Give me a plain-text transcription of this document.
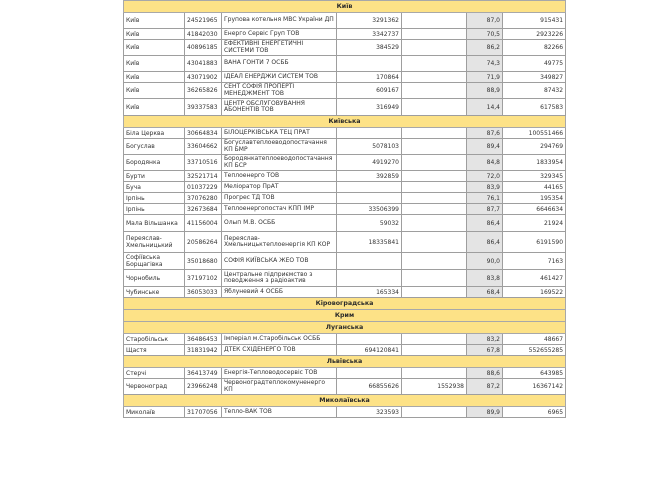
Київ						
Київ	24521965	Групова котельня МВС України ДП	3291362		87,0	915431
Київ	41842030	Енерго Сервіс Груп ТОВ	3342737		70,5	2923226
Київ	40896185	ЕФЕКТИВНІ ЕНЕРГЕТИЧНІ СИСТЕМИ ТОВ	384529		86,2	82266
Київ	43041883	ВАНА ГОНТИ 7 ОСББ			74,3	49775
Київ	43071902	ІДЕАЛ ЕНЕРДЖИ СИСТЕМ ТОВ	170864		71,9	349827
Київ	36265826	СЕНТ СОФІЯ ПРОПЕРТІ МЕНЕДЖМЕНТ ТОВ	609167		88,9	87432
Київ	39337583	ЦЕНТР ОБСЛУГОВУВАННЯ АБОНЕНТІВ ТОВ	316949		14,4	617583
Київська						
Біла Церква	30664834	БІЛОЦЕРКІВСЬКА ТЕЦ ПРАТ			87,6	100551466
Богуслав	33604662	Богуславтеплоеводопостачання КП БМР	5078103		89,4	294769
Бородянка	33710516	Бородянкатеплоеводопостачання КП БСР	4919270		84,8	1833954
Бурти	32521714	Теплоенерго ТОВ	392859		72,0	329345
Буча	01037229	Меліоратор ПрАТ			83,9	44165
Ірпінь	37076280	Прогрес ТД ТОВ			76,1	195354
Ірпінь	32673684	Теплоенергопостач КПП ІМР	33506399		87,7	6646634
Мала Вільшанка	41156004	Олып М.В. ОСББ	59032		86,4	21924
Переяслав-Хмельницький	20586264	Переяслав-Хмельницьктеплоенергія КП КОР	18335841		86,4	6191590
Софіївська Борщагівка	35018680	СОФІЯ КИЇВСЬКА ЖЕО ТОВ			90,0	7163
Чорнобиль	37197102	Центральне підприємство з поводження з радіоактив			83,8	461427
Чубинське	36053033	Яблуневий 4 ОСББ	165334		68,4	169522
Кіровоградська						
Крим						
Луганська						
Старобільськ	36486453	Імперіал м.Старобільськ ОСББ			83,2	48667
Щастя	31831942	ДТЕК СХІДЕНЕРГО ТОВ	694120841		67,8	552655285
Львівська						
Стерчі	36413749	Енергія-Тепловодосервіс ТОВ			88,6	643985
Червоноград	23966248	Червоноградтеплокомуненерго КП	66855626	1552938	87,2	16367142
Миколаївська						
Миколаїв	31707056	Тепло-ВАК ТОВ	323593		89,9	6965
